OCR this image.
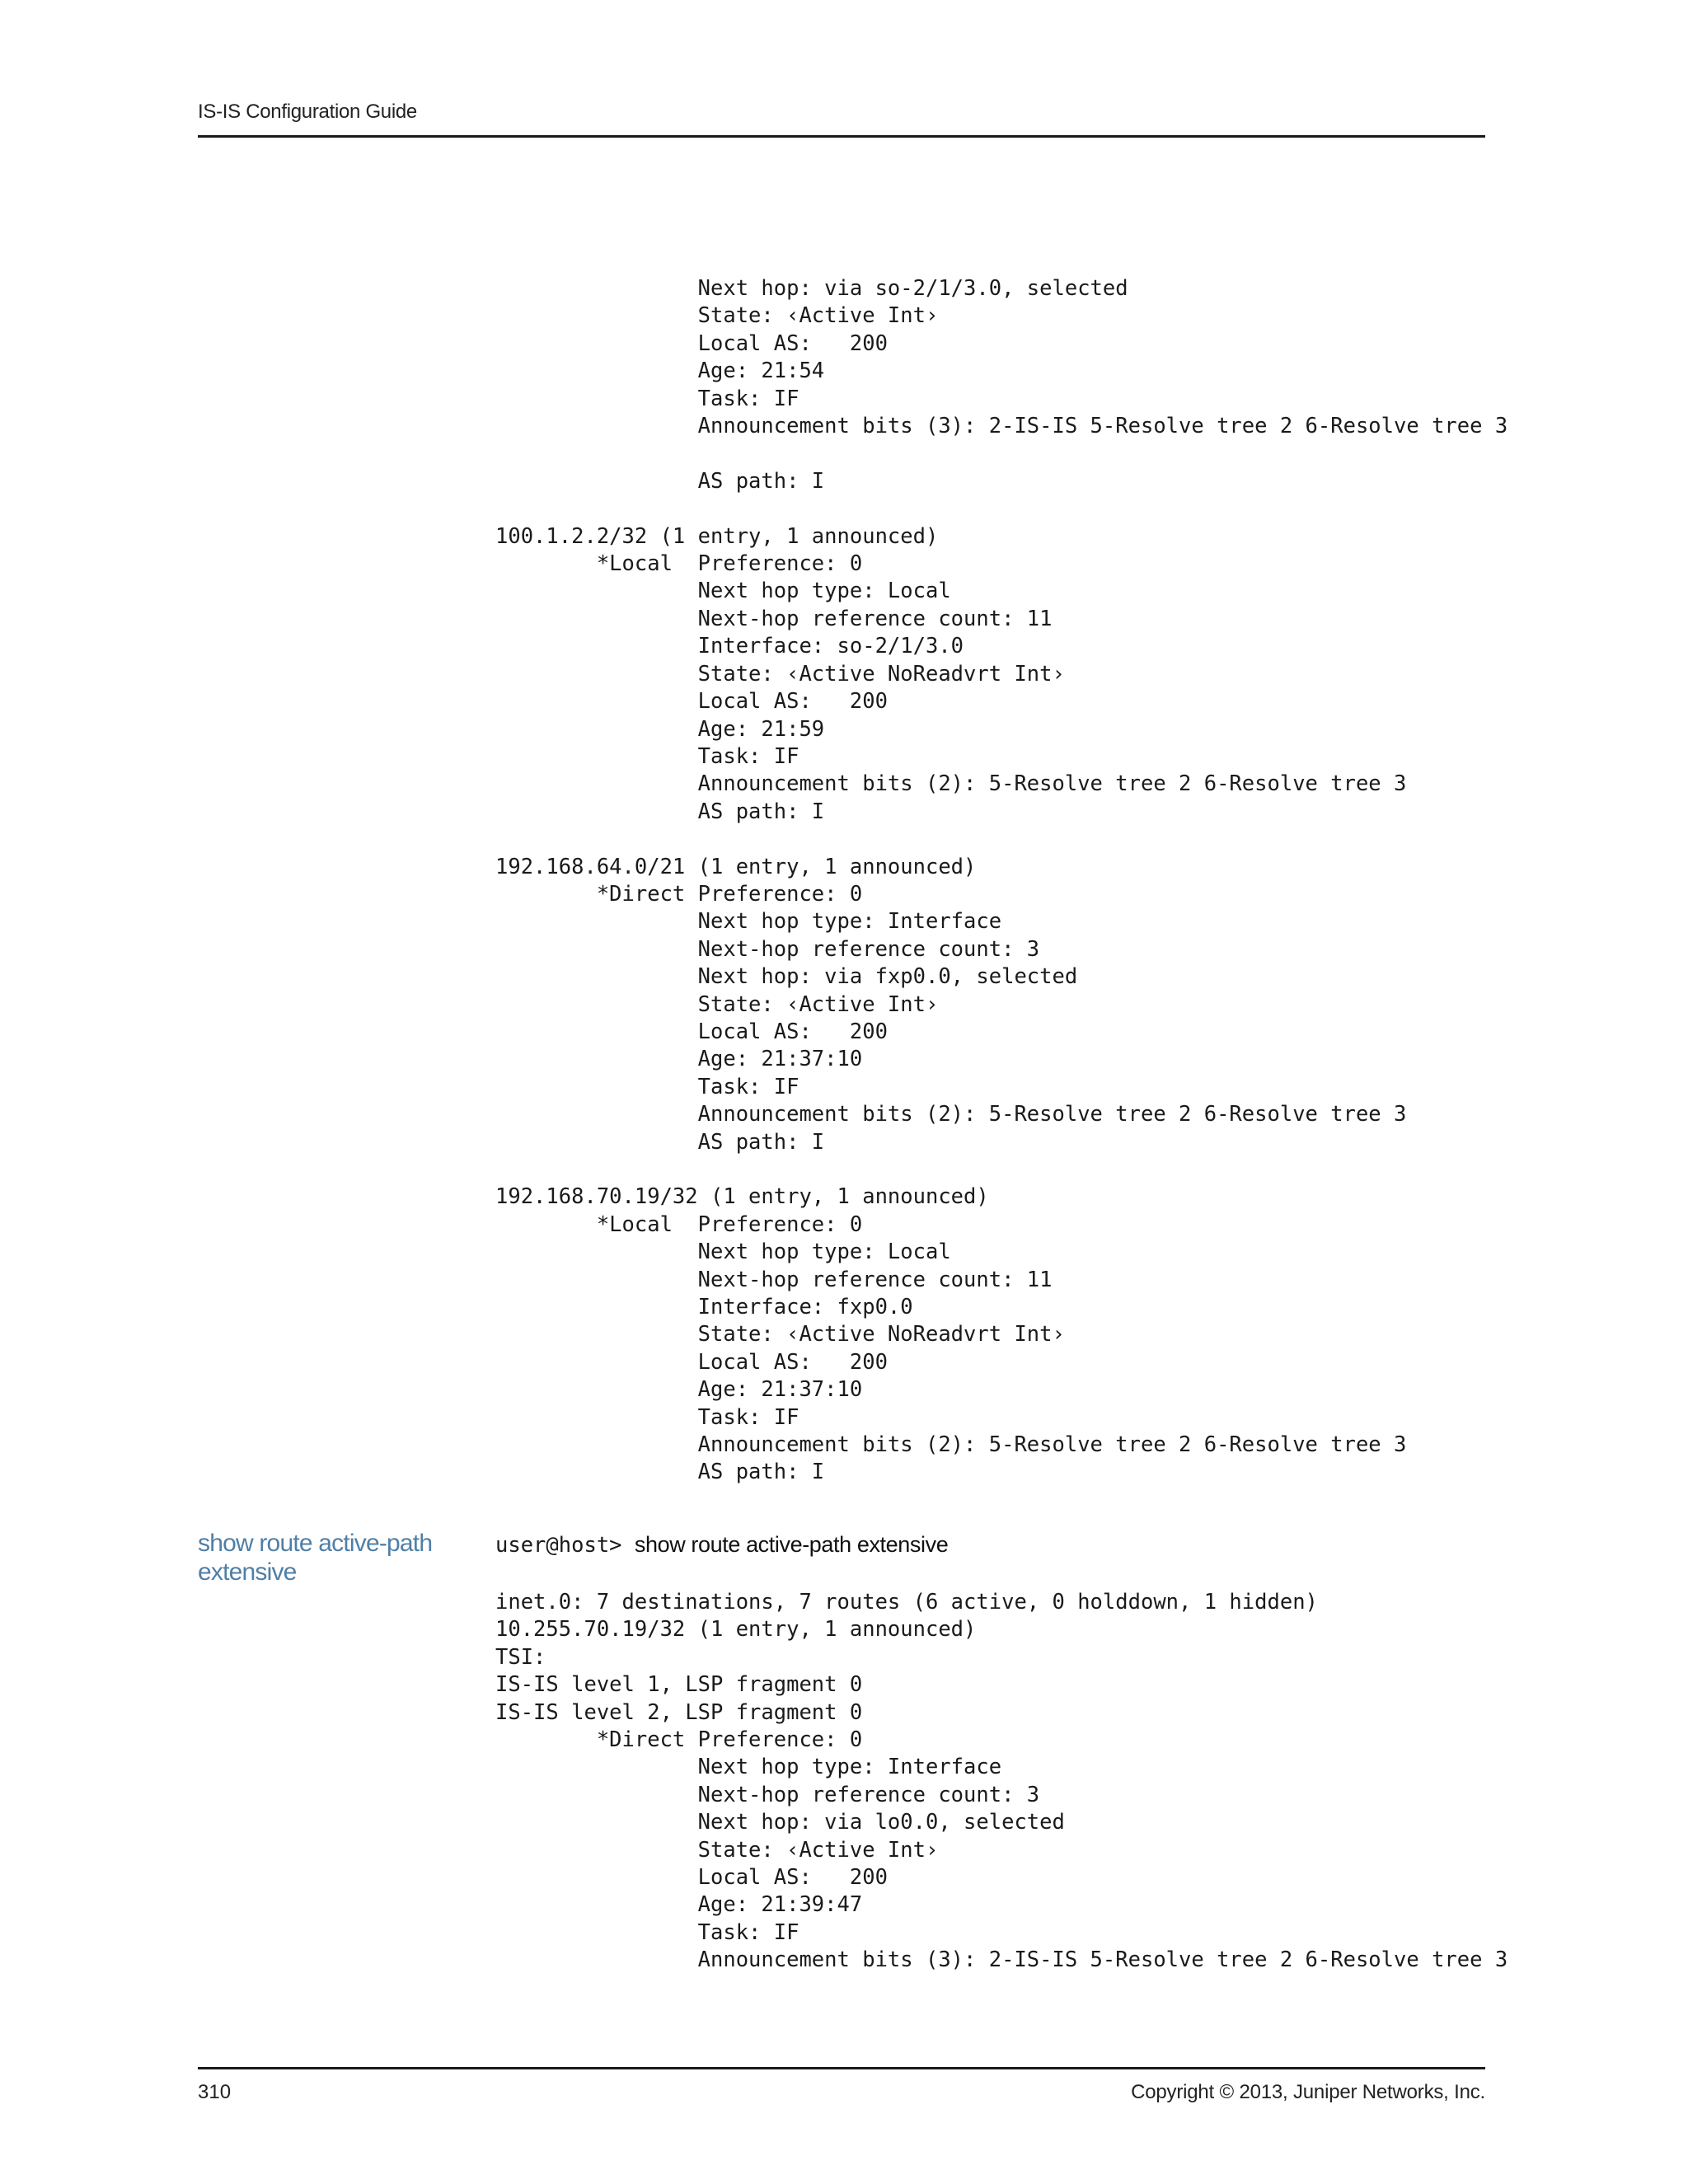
IS-IS Configuration Guide
Next hop: via so-2/1/3.0, selected
State: ‹Active Int›
Local AS:   200
Age: 21:54
Task: IF
Announcement bits (3): 2-IS-IS 5-Resolve tree 2 6-Resolve tree 3

AS path: I

100.1.2.2/32 (1 entry, 1 announced)
*Local  Preference: 0
Next hop type: Local
Next-hop reference count: 11
Interface: so-2/1/3.0
State: ‹Active NoReadvrt Int›
Local AS:   200
Age: 21:59
Task: IF
Announcement bits (2): 5-Resolve tree 2 6-Resolve tree 3
AS path: I

192.168.64.0/21 (1 entry, 1 announced)
*Direct Preference: 0
Next hop type: Interface
Next-hop reference count: 3
Next hop: via fxp0.0, selected
State: ‹Active Int›
Local AS:   200
Age: 21:37:10
Task: IF
Announcement bits (2): 5-Resolve tree 2 6-Resolve tree 3
AS path: I

192.168.70.19/32 (1 entry, 1 announced)
*Local  Preference: 0
Next hop type: Local
Next-hop reference count: 11
Interface: fxp0.0
State: ‹Active NoReadvrt Int›
Local AS:   200
Age: 21:37:10
Task: IF
Announcement bits (2): 5-Resolve tree 2 6-Resolve tree 3
AS path: I
show route active-path extensive
user@host> show route active-path extensive
inet.0: 7 destinations, 7 routes (6 active, 0 holddown, 1 hidden)
10.255.70.19/32 (1 entry, 1 announced)
TSI:
IS-IS level 1, LSP fragment 0
IS-IS level 2, LSP fragment 0
*Direct Preference: 0
Next hop type: Interface
Next-hop reference count: 3
Next hop: via lo0.0, selected
State: ‹Active Int›
Local AS:   200
Age: 21:39:47
Task: IF
Announcement bits (3): 2-IS-IS 5-Resolve tree 2 6-Resolve tree 3
310	Copyright © 2013, Juniper Networks, Inc.
